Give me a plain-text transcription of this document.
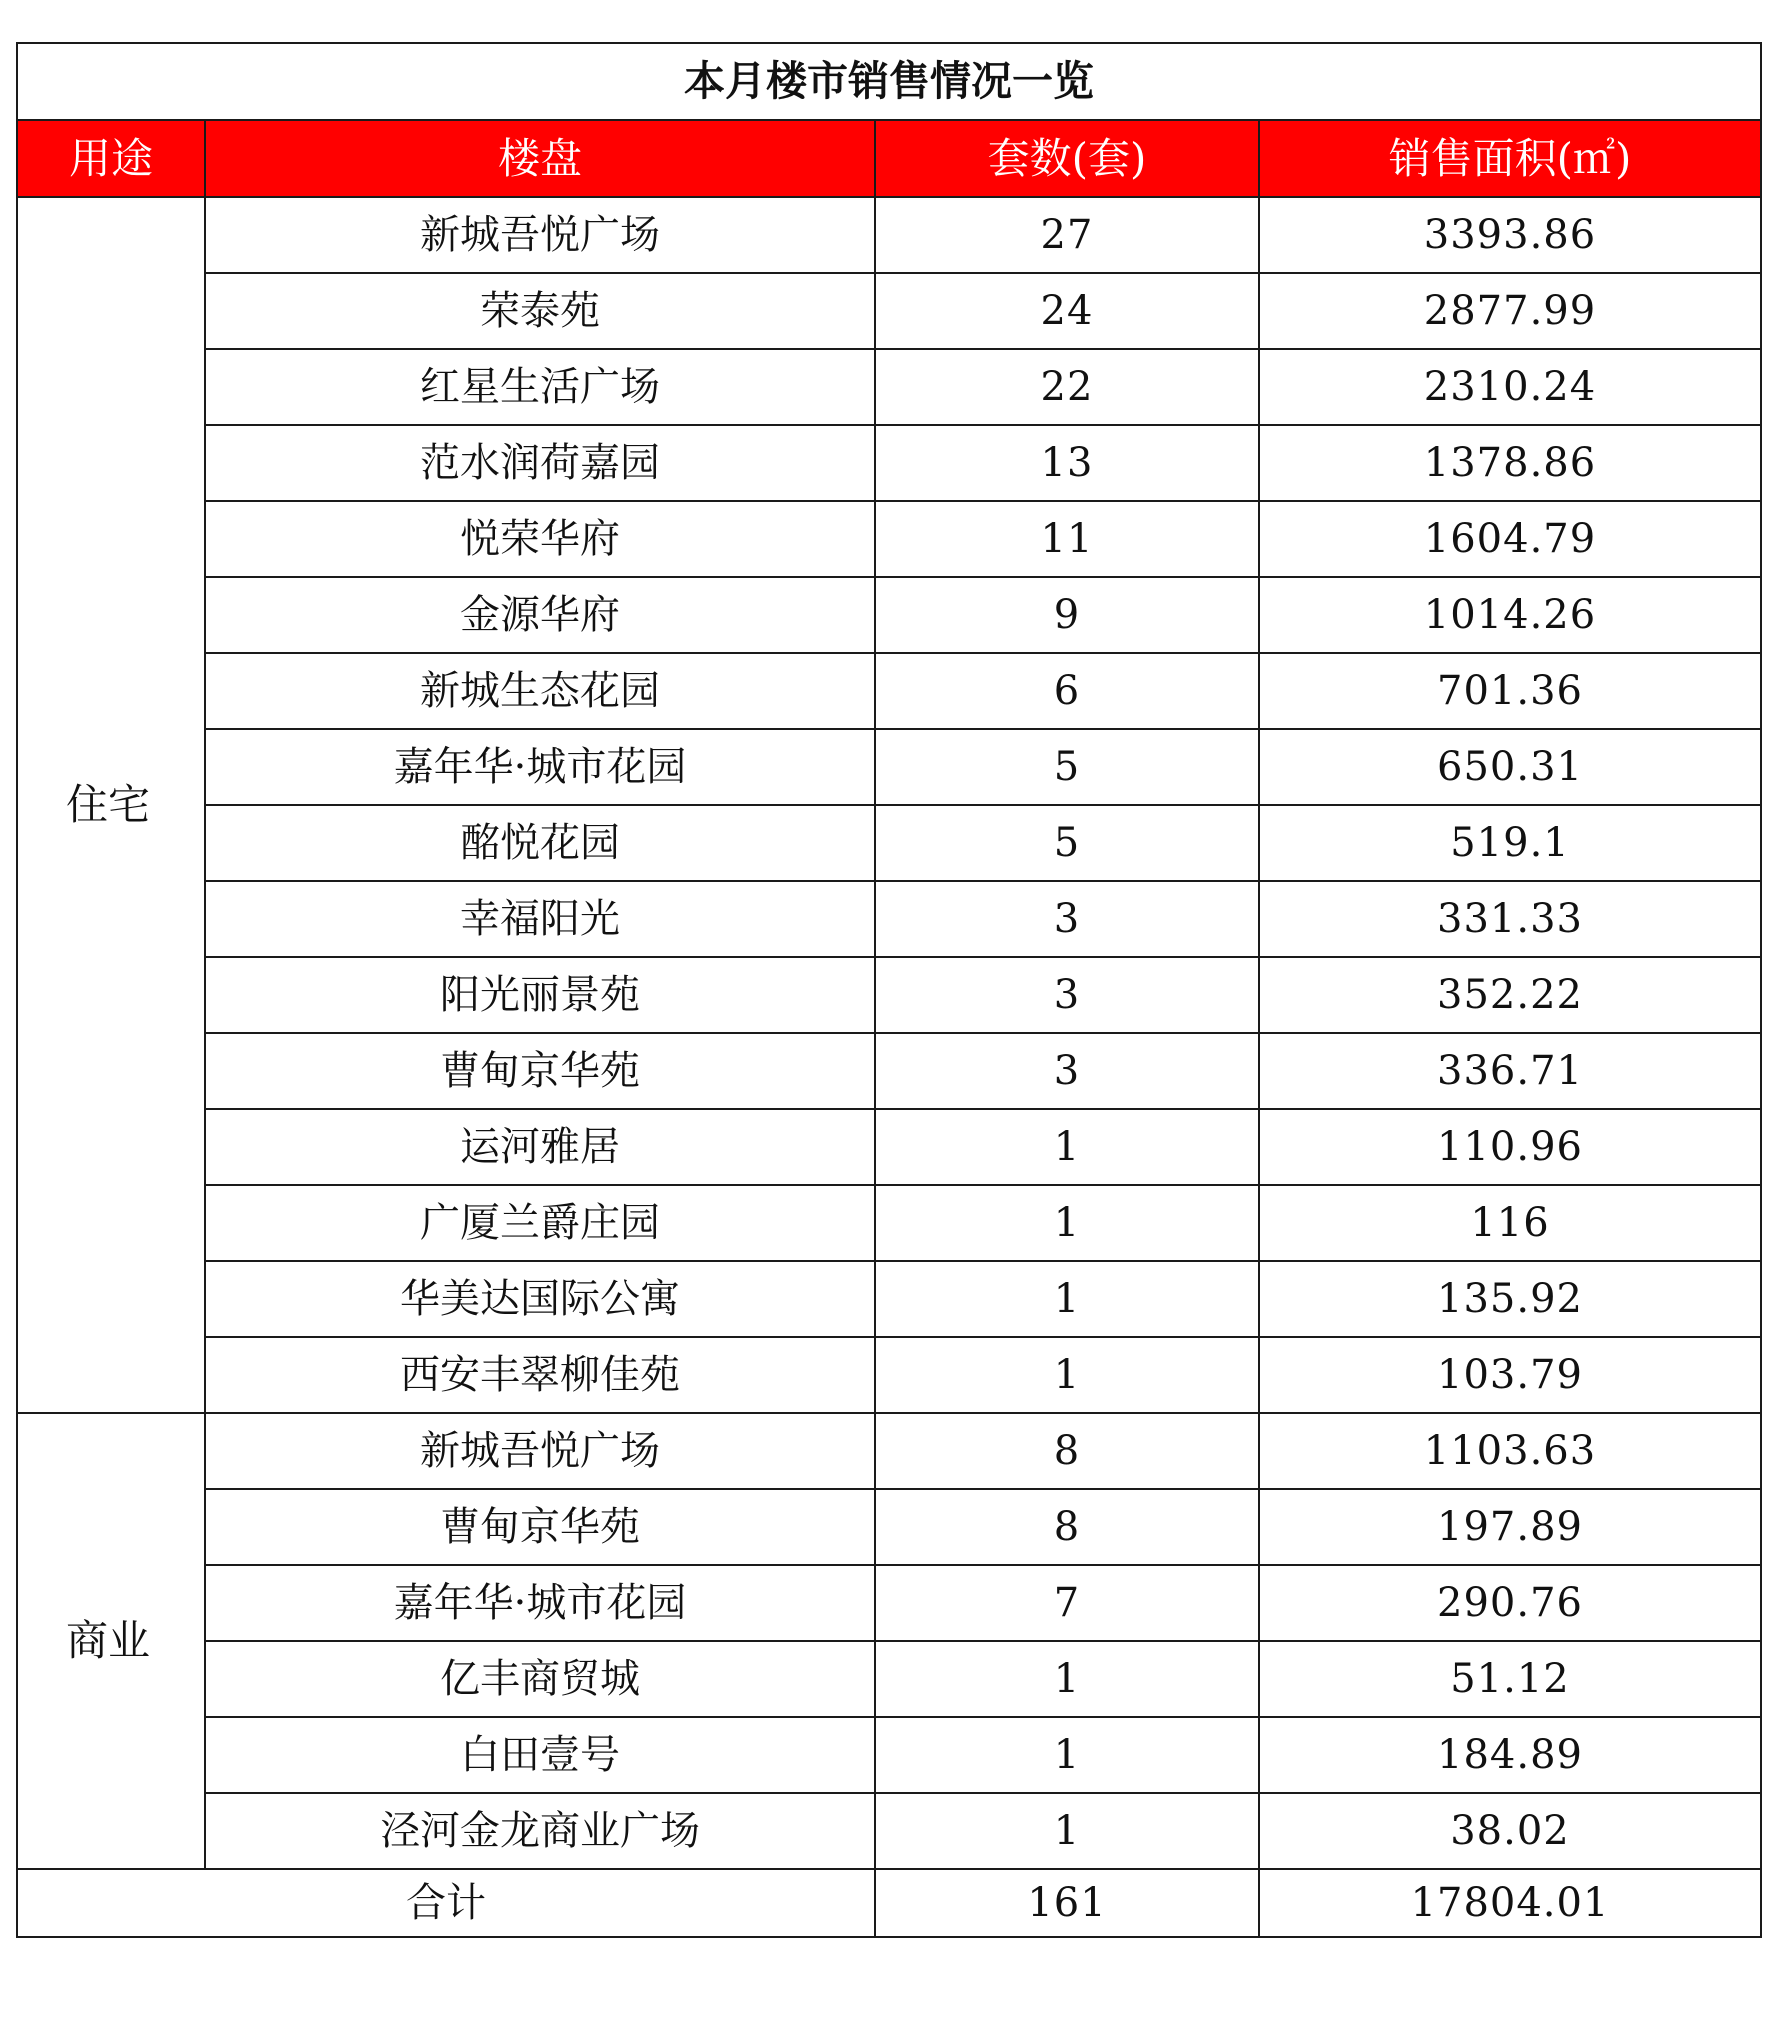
本月楼市销售情况一览			
用途	楼盘	套数(套)	销售面积(㎡)
住宅	新城吾悦广场	27	3393.86
	荣泰苑	24	2877.99
	红星生活广场	22	2310.24
	范水润荷嘉园	13	1378.86
	悦荣华府	11	1604.79
	金源华府	9	1014.26
	新城生态花园	6	701.36
	嘉年华·城市花园	5	650.31
	酩悦花园	5	519.1
	幸福阳光	3	331.33
	阳光丽景苑	3	352.22
	曹甸京华苑	3	336.71
	运河雅居	1	110.96
	广厦兰爵庄园	1	116
	华美达国际公寓	1	135.92
	西安丰翠柳佳苑	1	103.79
商业	新城吾悦广场	8	1103.63
	曹甸京华苑	8	197.89
	嘉年华·城市花园	7	290.76
	亿丰商贸城	1	51.12
	白田壹号	1	184.89
	泾河金龙商业广场	1	38.02
合计		161	17804.01
